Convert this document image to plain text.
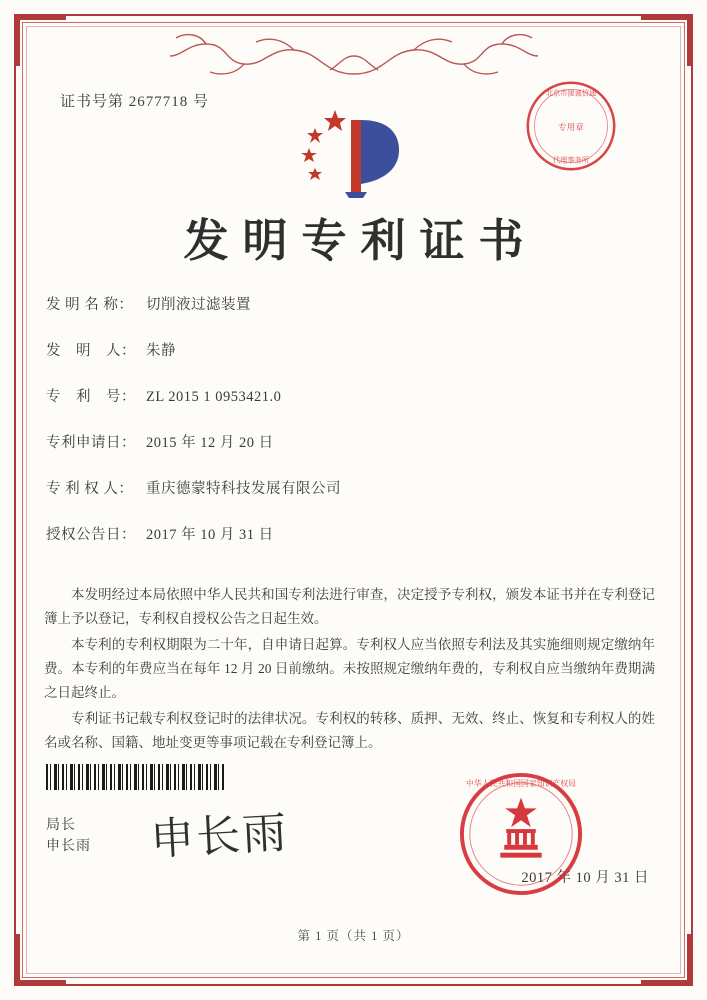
证书号第 2677718 号
发明专利证书
发 明 名 称： 切削液过滤装置
发　明　人： 朱静
专　利　号： ZL 2015 1 0953421.0
专利申请日： 2015 年 12 月 20 日
专 利 权 人： 重庆德蒙特科技发展有限公司
授权公告日： 2017 年 10 月 31 日

本发明经过本局依照中华人民共和国专利法进行审查，决定授予专利权，颁发本证书并在专利登记簿上予以登记，专利权自授权公告之日起生效。

本专利的专利权期限为二十年，自申请日起算。专利权人应当依照专利法及其实施细则规定缴纳年费。本专利的年费应当在每年 12 月 20 日前缴纳。未按照规定缴纳年费的，专利权自应当缴纳年费期满之日起终止。

专利证书记载专利权登记时的法律状况。专利权的转移、质押、无效、终止、恢复和专利权人的姓名或名称、国籍、地址变更等事项记载在专利登记簿上。

局长
申长雨 申长雨
2017 年 10 月 31 日
专用章
北京市捷诚信通
代理事务所
中华人民共和国国家知识产权局
第 1 页（共 1 页）
